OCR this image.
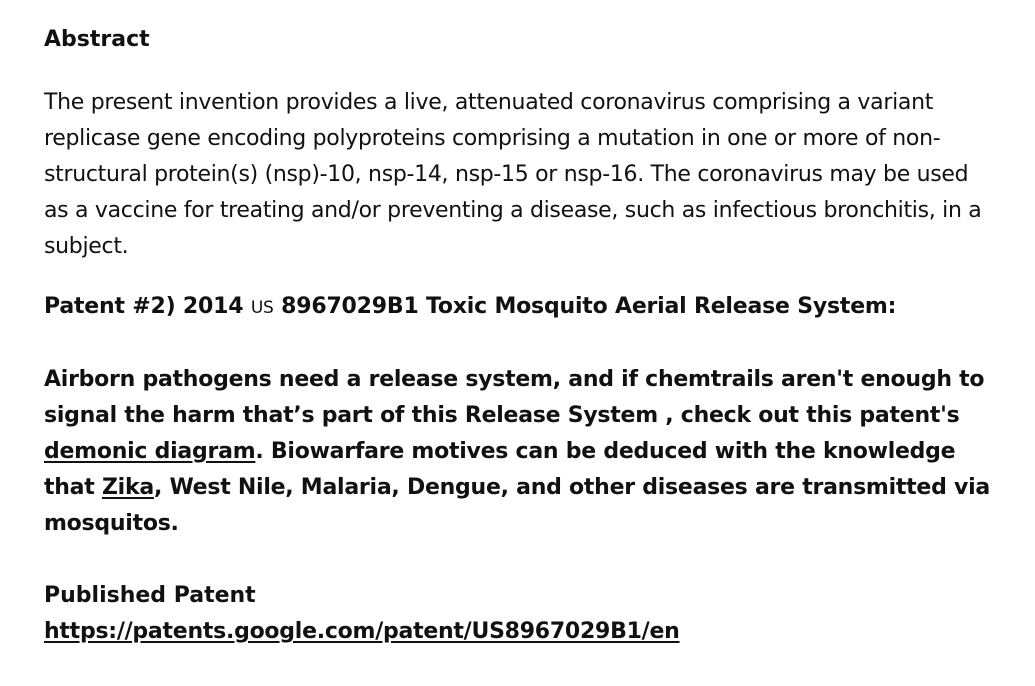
Abstract

The present invention provides a live, attenuated coronavirus comprising a variant replicase gene encoding polyproteins comprising a mutation in one or more of non-structural protein(s) (nsp)-10, nsp-14, nsp-15 or nsp-16. The coronavirus may be used as a vaccine for treating and/or preventing a disease, such as infectious bronchitis, in a subject.

Patent #2) 2014 US 8967029B1 Toxic Mosquito Aerial Release System:

Airborn pathogens need a release system, and if chemtrails aren't enough to signal the harm that’s part of this Release System , check out this patent's demonic diagram. Biowarfare motives can be deduced with the knowledge that Zika, West Nile, Malaria, Dengue, and other diseases are transmitted via mosquitos.

Published Patent

https://patents.google.com/patent/US8967029B1/en
